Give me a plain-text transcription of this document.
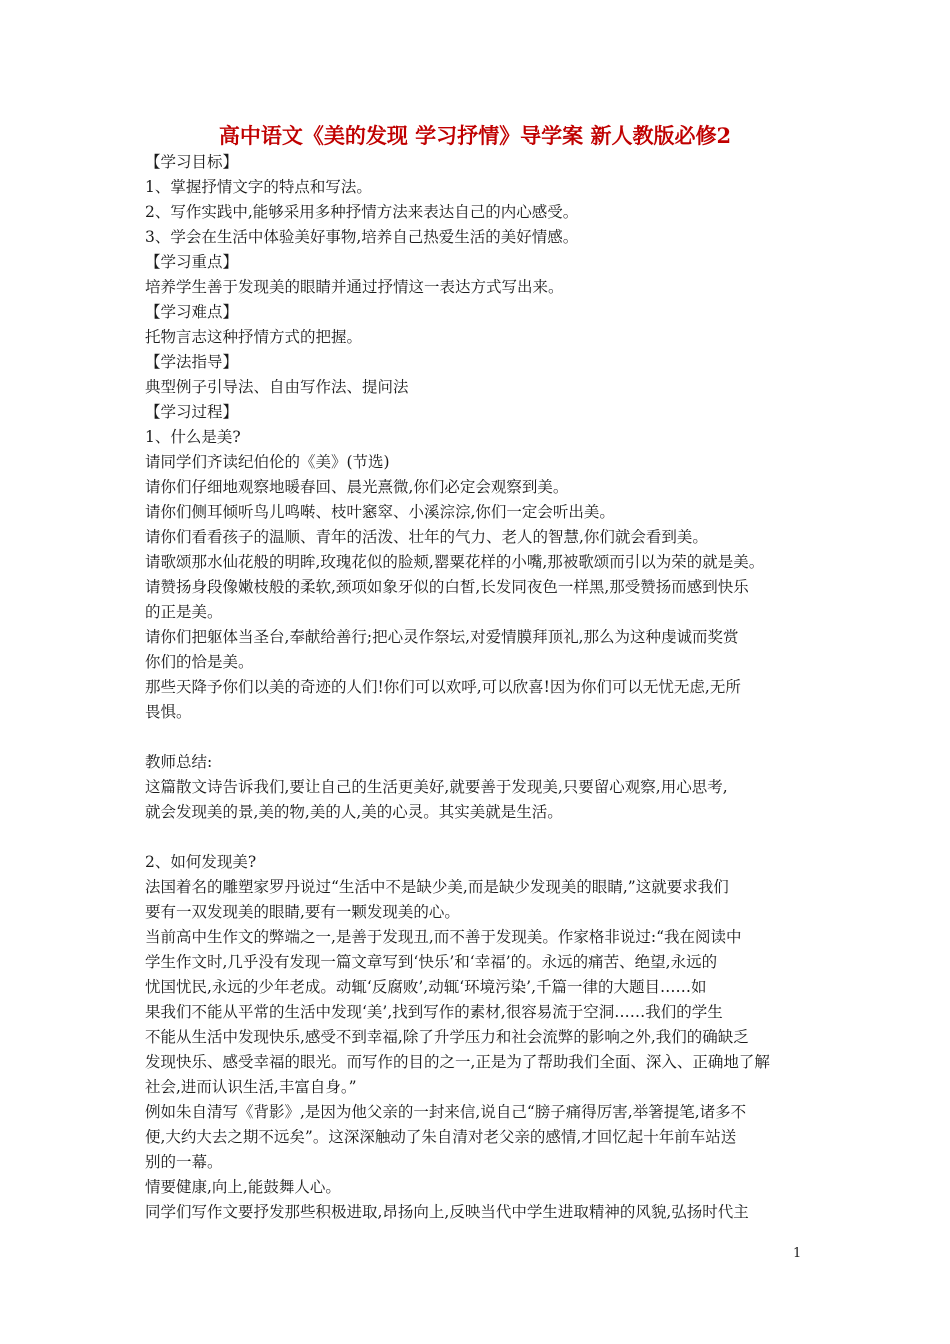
高中语文《美的发现 学习抒情》导学案 新人教版必修2

【学习目标】

1、掌握抒情文字的特点和写法。

2、写作实践中,能够采用多种抒情方法来表达自己的内心感受。

3、学会在生活中体验美好事物,培养自己热爱生活的美好情感。

【学习重点】

培养学生善于发现美的眼睛并通过抒情这一表达方式写出来。

【学习难点】

托物言志这种抒情方式的把握。

【学法指导】

典型例子引导法、自由写作法、提问法

【学习过程】

1、什么是美?

请同学们齐读纪伯伦的《美》(节选)

请你们仔细地观察地暖春回、晨光熹微,你们必定会观察到美。

请你们侧耳倾听鸟儿鸣啭、枝叶窸窣、小溪淙淙,你们一定会听出美。

请你们看看孩子的温顺、青年的活泼、壮年的气力、老人的智慧,你们就会看到美。

请歌颂那水仙花般的明眸,玫瑰花似的脸颊,罂粟花样的小嘴,那被歌颂而引以为荣的就是美。

请赞扬身段像嫩枝般的柔软,颈项如象牙似的白皙,长发同夜色一样黑,那受赞扬而感到快乐

的正是美。

请你们把躯体当圣台,奉献给善行;把心灵作祭坛,对爱情膜拜顶礼,那么为这种虔诚而奖赏

你们的恰是美。

那些天降予你们以美的奇迹的人们!你们可以欢呼,可以欣喜!因为你们可以无忧无虑,无所

畏惧。

教师总结:

这篇散文诗告诉我们,要让自己的生活更美好,就要善于发现美,只要留心观察,用心思考,

就会发现美的景,美的物,美的人,美的心灵。其实美就是生活。

2、如何发现美?

法国着名的雕塑家罗丹说过“生活中不是缺少美,而是缺少发现美的眼睛,”这就要求我们

要有一双发现美的眼睛,要有一颗发现美的心。

当前高中生作文的弊端之一,是善于发现丑,而不善于发现美。作家格非说过:“我在阅读中

学生作文时,几乎没有发现一篇文章写到‘快乐’和‘幸福’的。永远的痛苦、绝望,永远的

忧国忧民,永远的少年老成。动辄‘反腐败’,动辄‘环境污染’,千篇一律的大题目……如

果我们不能从平常的生活中发现‘美’,找到写作的素材,很容易流于空洞……我们的学生

不能从生活中发现快乐,感受不到幸福,除了升学压力和社会流弊的影响之外,我们的确缺乏

发现快乐、感受幸福的眼光。而写作的目的之一,正是为了帮助我们全面、深入、正确地了解

社会,进而认识生活,丰富自身。”

例如朱自清写《背影》,是因为他父亲的一封来信,说自己“膀子痛得厉害,举箸提笔,诸多不

便,大约大去之期不远矣”。这深深触动了朱自清对老父亲的感情,才回忆起十年前车站送

别的一幕。

情要健康,向上,能鼓舞人心。

同学们写作文要抒发那些积极进取,昂扬向上,反映当代中学生进取精神的风貌,弘扬时代主

1
